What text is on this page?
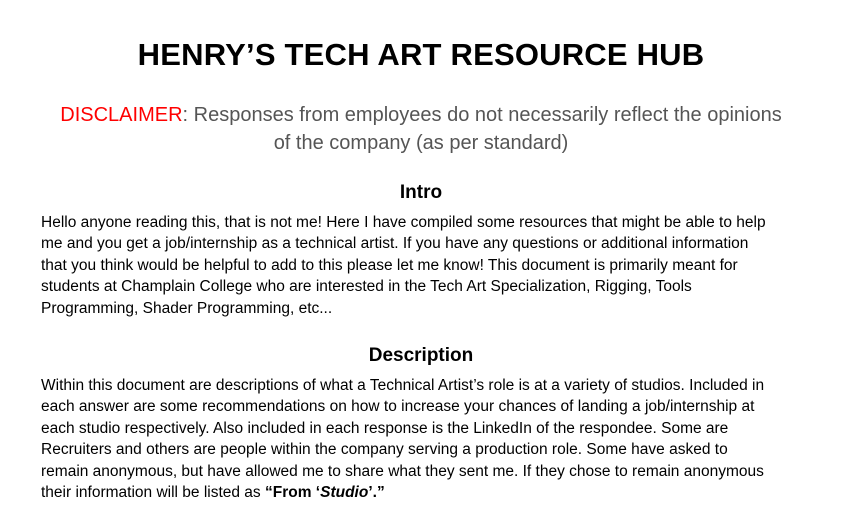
HENRY’S TECH ART RESOURCE HUB
DISCLAIMER: Responses from employees do not necessarily reflect the opinions
of the company (as per standard)
Intro
Hello anyone reading this, that is not me! Here I have compiled some resources that might be able to help
me and you get a job/internship as a technical artist. If you have any questions or additional information
that you think would be helpful to add to this please let me know! This document is primarily meant for
students at Champlain College who are interested in the Tech Art Specialization, Rigging, Tools
Programming, Shader Programming, etc...
Description
Within this document are descriptions of what a Technical Artist’s role is at a variety of studios. Included in
each answer are some recommendations on how to increase your chances of landing a job/internship at
each studio respectively. Also included in each response is the LinkedIn of the respondee. Some are
Recruiters and others are people within the company serving a production role. Some have asked to
remain anonymous, but have allowed me to share what they sent me. If they chose to remain anonymous
their information will be listed as “From ‘Studio’.”
